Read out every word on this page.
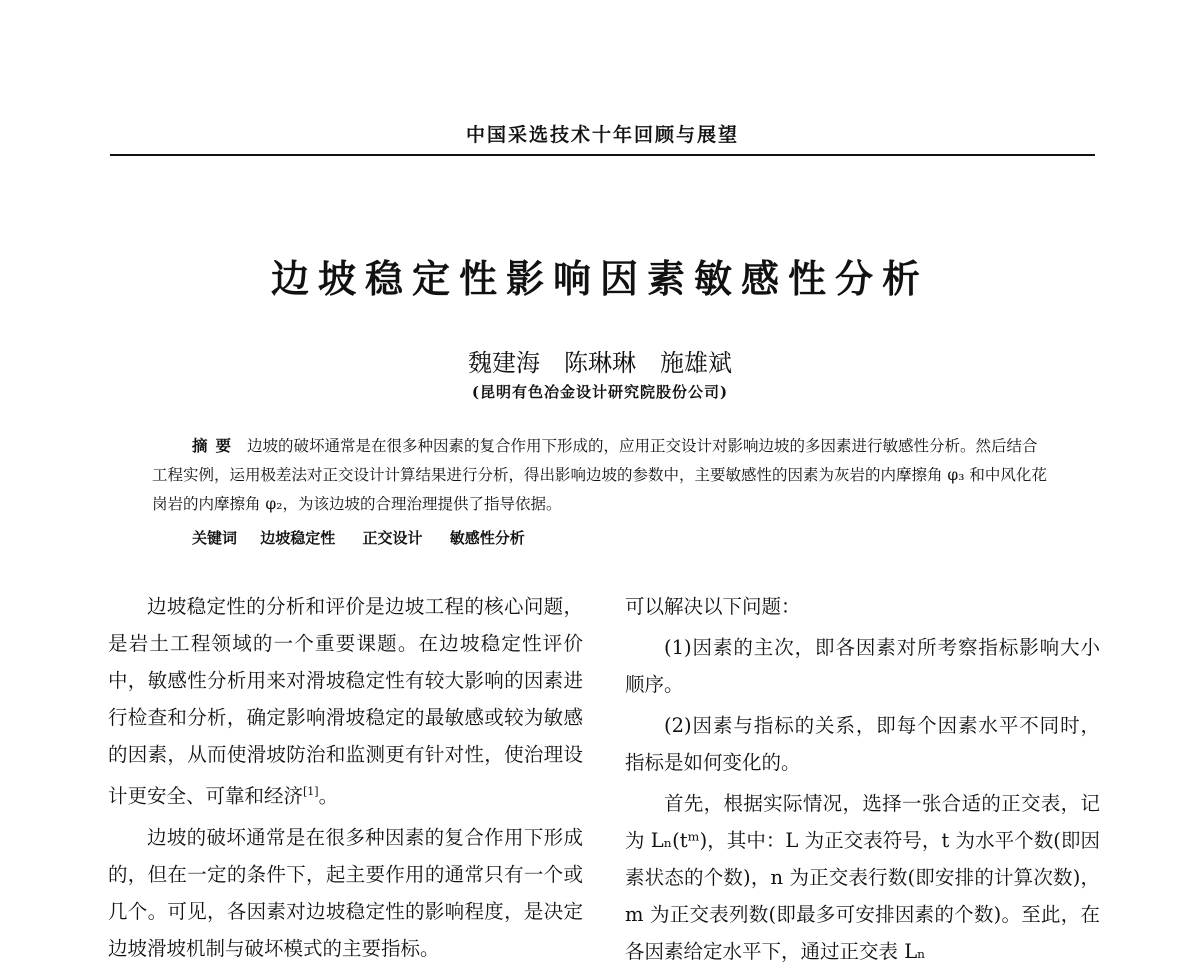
中国采选技术十年回顾与展望
边坡稳定性影响因素敏感性分析
魏建海　陈琳琳　施雄斌
(昆明有色冶金设计研究院股份公司)

摘要 边坡的破坏通常是在很多种因素的复合作用下形成的，应用正交设计对影响边坡的多因素进行敏感性分析。然后结合工程实例，运用极差法对正交设计计算结果进行分析，得出影响边坡的参数中，主要敏感性的因素为灰岩的内摩擦角 φ₃ 和中风化花岗岩的内摩擦角 φ₂，为该边坡的合理治理提供了指导依据。

关键词 边坡稳定性 正交设计 敏感性分析

边坡稳定性的分析和评价是边坡工程的核心问题，是岩土工程领域的一个重要课题。在边坡稳定性评价中，敏感性分析用来对滑坡稳定性有较大影响的因素进行检查和分析，确定影响滑坡稳定的最敏感或较为敏感的因素，从而使滑坡防治和监测更有针对性，使治理设计更安全、可靠和经济[1]。

边坡的破坏通常是在很多种因素的复合作用下形成的，但在一定的条件下，起主要作用的通常只有一个或几个。可见，各因素对边坡稳定性的影响程度，是决定边坡滑坡机制与破坏模式的主要指标。

可以解决以下问题：

(1)因素的主次，即各因素对所考察指标影响大小顺序。

(2)因素与指标的关系，即每个因素水平不同时，指标是如何变化的。

首先，根据实际情况，选择一张合适的正交表，记为 Lₙ(tᵐ)，其中：L 为正交表符号，t 为水平个数(即因素状态的个数)，n 为正交表行数(即安排的计算次数)，m 为正交表列数(即最多可安排因素的个数)。至此，在各因素给定水平下，通过正交表 Lₙ
